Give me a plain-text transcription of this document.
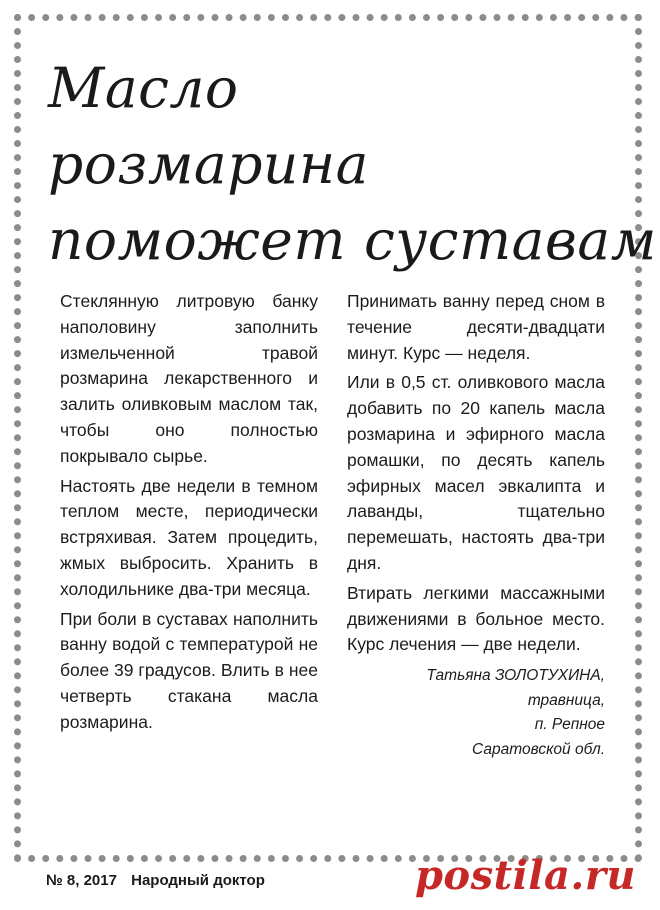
Масло
розмарина
поможет суставам

Стеклянную литровую банку наполовину заполнить измельченной травой розмарина лекарственного и залить оливковым маслом так, чтобы оно полностью покрывало сырье.

Настоять две недели в темном теплом месте, периодически встряхивая. Затем процедить, жмых выбросить. Хранить в холодильнике два-три месяца.

При боли в суставах наполнить ванну водой с температурой не более 39 градусов. Влить в нее четверть стакана масла розмарина.

Принимать ванну перед сном в течение десяти-двадцати минут. Курс — неделя.

Или в 0,5 ст. оливкового масла добавить по 20 капель масла розмарина и эфирного масла ромашки, по десять капель эфирных масел эвкалипта и лаванды, тщательно перемешать, настоять два-три дня.

Втирать легкими массажными движениями в больное место. Курс лечения — две недели.

Татьяна ЗОЛОТУХИНА,
травница,
п. Репное
Саратовской обл.
№ 8, 2017 Народный доктор	postila.ru
